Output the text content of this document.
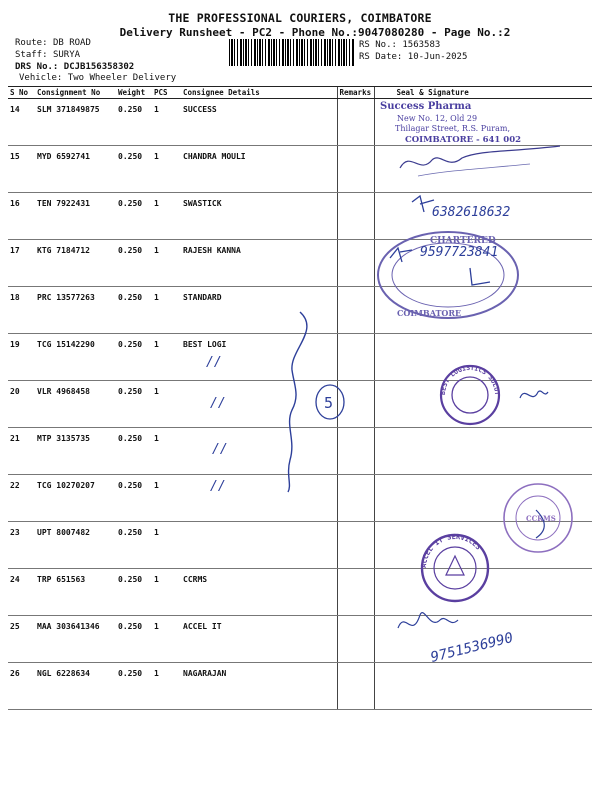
THE PROFESSIONAL COURIERS, COIMBATORE
Delivery Runsheet - PC2 - Phone No.:9047080280 - Page No.:2
Route: DB ROAD
Staff: SURYA
DRS No.: DCJB156358302
Vehicle: Two Wheeler Delivery
RS No.: 1563583
RS Date: 10-Jun-2025
S No	Consignment No	Weight	PCS	Consignee Details	Remarks	Seal & Signature
14	SLM 371849875	0.250	1	SUCCESS		
15	MYD 6592741	0.250	1	CHANDRA MOULI		
16	TEN 7922431	0.250	1	SWASTICK		
17	KTG 7184712	0.250	1	RAJESH KANNA		
18	PRC 13577263	0.250	1	STANDARD		
19	TCG 15142290	0.250	1	BEST LOGI		
20	VLR 4968458	0.250	1			
21	MTP 3135735	0.250	1			
22	TCG 10270207	0.250	1			
23	UPT 8007482	0.250	1			
24	TRP 651563	0.250	1	CCRMS		
25	MAA 303641346	0.250	1	ACCEL IT		
26	NGL 6228634	0.250	1	NAGARAJAN		
//
//
//
//
5
Success Pharma
New No. 12, Old 29
Thilagar Street, R.S. Puram,
COIMBATORE - 641 002
6382618632
CHARTERED
COIMBATORE
9597723841
BEST LOGISTICS SOLUT
CCRMS
ACCEL IT SERVICES
9751536990
